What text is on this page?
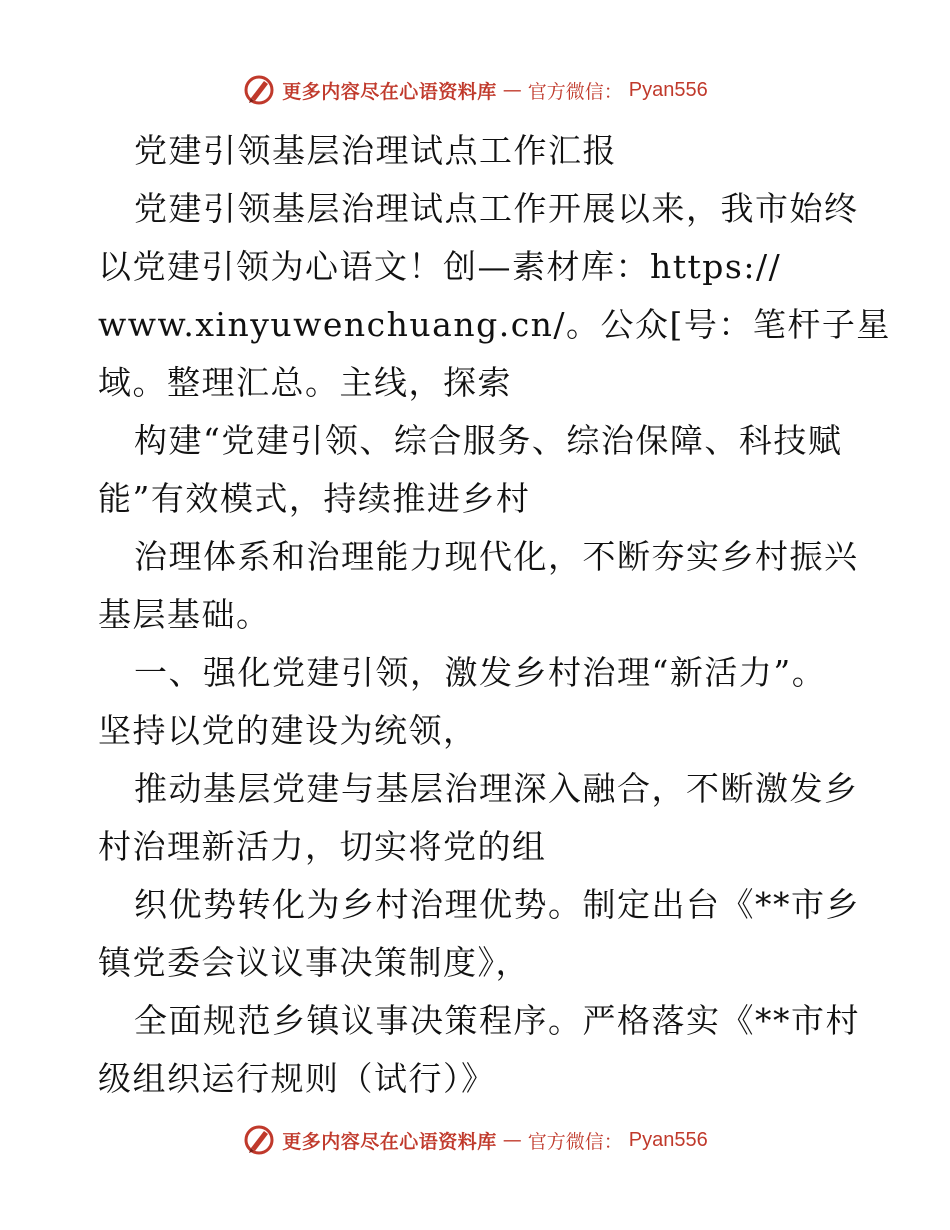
更多内容尽在心语资料库 — 官方微信： Pyan556
党建引领基层治理试点工作汇报
党建引领基层治理试点工作开展以来，我市始终
以党建引领为心语文！创—素材库：https://
www.xinyuwenchuang.cn/。公众[号：笔杆子星
域。整理汇总。主线，探索
构建“党建引领、综合服务、综治保障、科技赋
能”有效模式，持续推进乡村
治理体系和治理能力现代化，不断夯实乡村振兴
基层基础。
一、强化党建引领，激发乡村治理“新活力”。
坚持以党的建设为统领，
推动基层党建与基层治理深入融合，不断激发乡
村治理新活力，切实将党的组
织优势转化为乡村治理优势。制定出台《**市乡
镇党委会议议事决策制度》，
全面规范乡镇议事决策程序。严格落实《**市村
级组织运行规则（试行）》
更多内容尽在心语资料库 — 官方微信： Pyan556
